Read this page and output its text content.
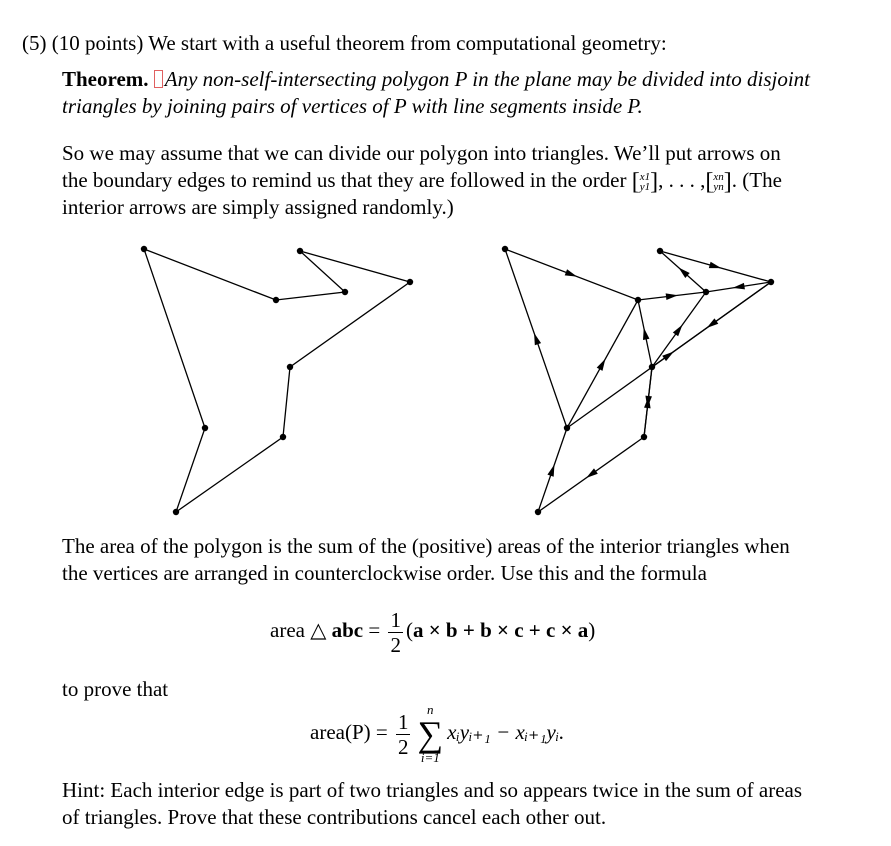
(5) (10 points) We start with a useful theorem from computational geometry:
Theorem. Any non-self-intersecting polygon P in the plane may be divided into disjoint
triangles by joining pairs of vertices of P with line segments inside P.
So we may assume that we can divide our polygon into triangles. We’ll put arrows on
the boundary edges to remind us that they are followed in the order [ x1
y1 ], . . . ,[ xn
yn ]. (The
interior arrows are simply assigned randomly.)
The area of the polygon is the sum of the (positive) areas of the interior triangles when
the vertices are arranged in counterclockwise order. Use this and the formula
area △ abc = $\frac{1}{2} (a \times b + b \times c + c \times a)$
to prove that
area(P) = $\frac{1}{2}$	n
∑
i=1
xᵢyᵢ₊₁ − xᵢ₊₁yᵢ.
Hint: Each interior edge is part of two triangles and so appears twice in the sum of areas
of triangles. Prove that these contributions cancel each other out.
